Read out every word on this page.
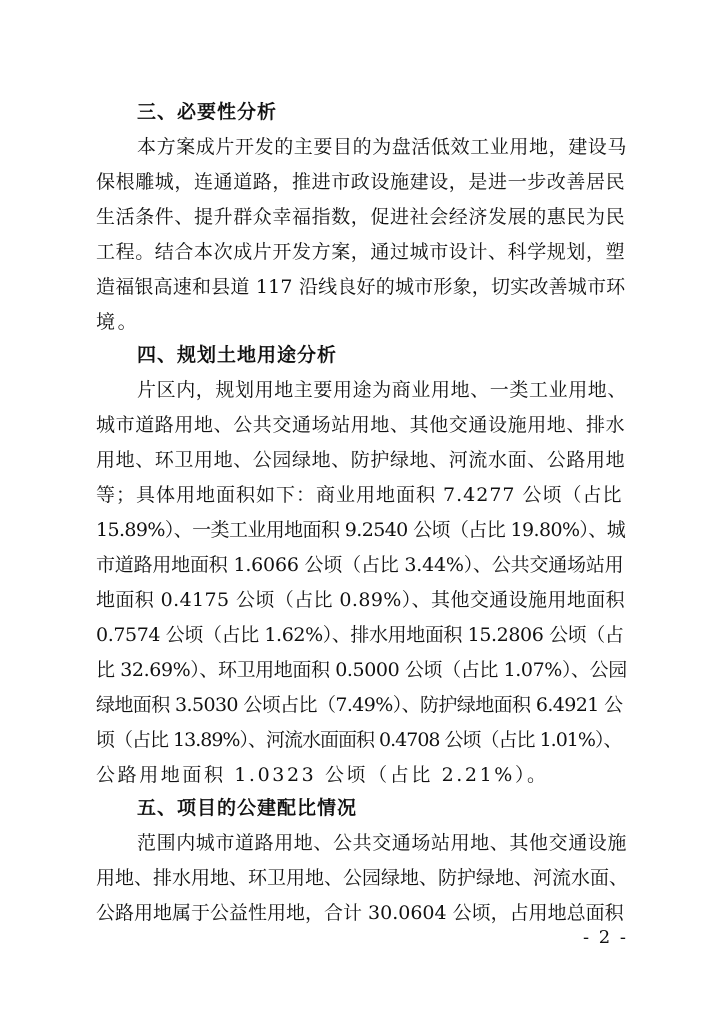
三、必要性分析
本方案成片开发的主要目的为盘活低效工业用地，建设马
保根雕城，连通道路，推进市政设施建设，是进一步改善居民
生活条件、提升群众幸福指数，促进社会经济发展的惠民为民
工程。结合本次成片开发方案，通过城市设计、科学规划，塑
造福银高速和县道 117 沿线良好的城市形象，切实改善城市环
境。
四、规划土地用途分析
片区内，规划用地主要用途为商业用地、一类工业用地、
城市道路用地、公共交通场站用地、其他交通设施用地、排水
用地、环卫用地、公园绿地、防护绿地、河流水面、公路用地
等；具体用地面积如下：商业用地面积 7.4277 公顷（占比
15.89%）、一类工业用地面积 9.2540 公顷（占比 19.80%）、城
市道路用地面积 1.6066 公顷（占比 3.44%）、公共交通场站用
地面积 0.4175 公顷（占比 0.89%）、其他交通设施用地面积
0.7574 公顷（占比 1.62%）、排水用地面积 15.2806 公顷（占
比 32.69%）、环卫用地面积 0.5000 公顷（占比 1.07%）、公园
绿地面积 3.5030 公顷占比（7.49%）、防护绿地面积 6.4921 公
顷（占比 13.89%）、河流水面面积 0.4708 公顷（占比 1.01%）、
公路用地面积 1.0323 公顷（占比 2.21%）。
五、项目的公建配比情况
范围内城市道路用地、公共交通场站用地、其他交通设施
用地、排水用地、环卫用地、公园绿地、防护绿地、河流水面、
公路用地属于公益性用地，合计 30.0604 公顷，占用地总面积
- 2 -
